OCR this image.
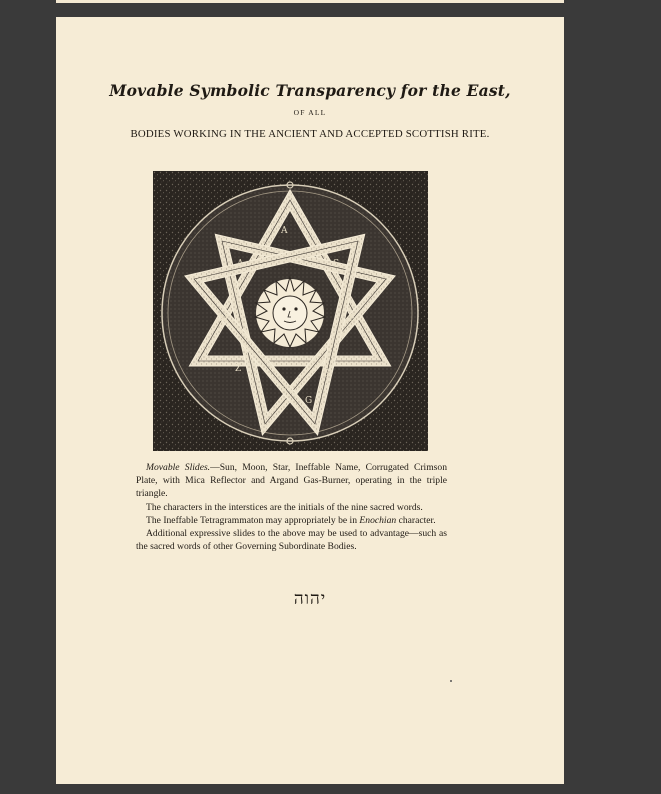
Movable Symbolic Transparency for the East,
OF ALL
BODIES WORKING IN THE ANCIENT AND ACCEPTED SCOTTISH RITE.
A
S
E
B
E
Z
M
A
G

Movable Slides.—Sun, Moon, Star, Ineffable Name, Corrugated Crimson Plate, with Mica Reflector and Argand Gas-Burner, operating in the triple triangle.

The characters in the interstices are the initials of the nine sacred words.

The Ineffable Tetragrammaton may appropriately be in Enochian character.

Additional expressive slides to the above may be used to advantage—such as the sacred words of other Governing Subordinate Bodies.

יהוה
